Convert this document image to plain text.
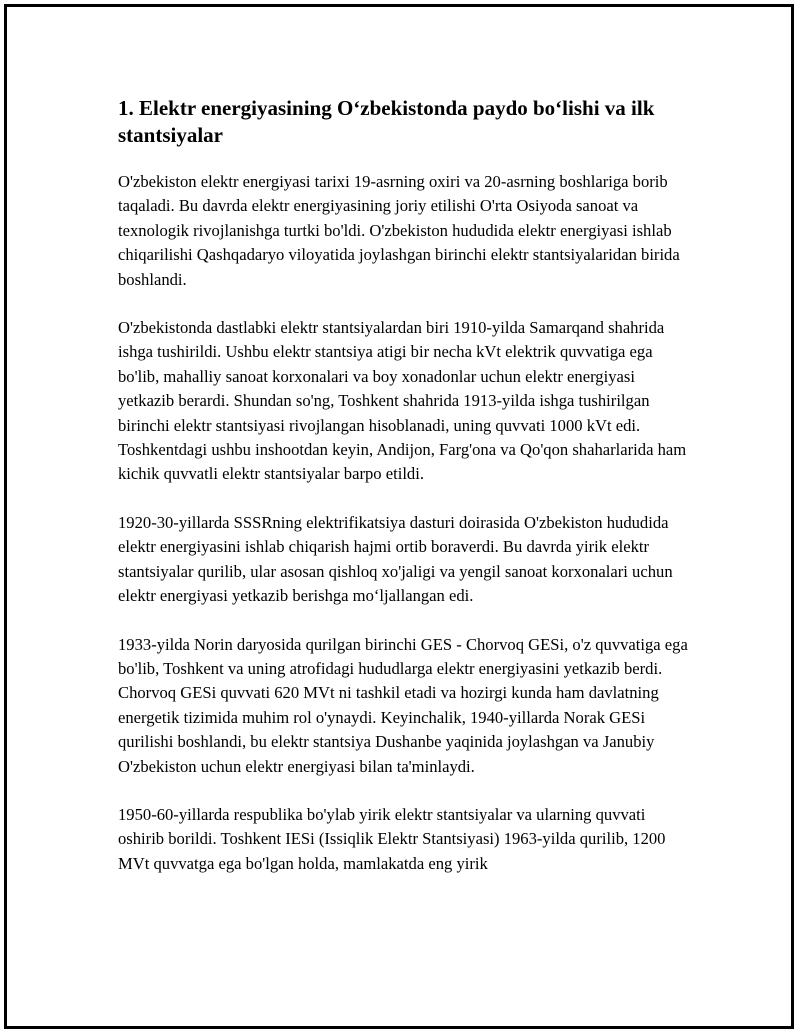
1. Elektr energiyasining O‘zbekistonda paydo bo‘lishi va ilk stantsiyalar

O'zbekiston elektr energiyasi tarixi 19-asrning oxiri va 20-asrning boshlariga borib taqaladi. Bu davrda elektr energiyasining joriy etilishi O'rta Osiyoda sanoat va texnologik rivojlanishga turtki bo'ldi. O'zbekiston hududida elektr energiyasi ishlab chiqarilishi Qashqadaryo viloyatida joylashgan birinchi elektr stantsiyalaridan birida boshlandi.

O'zbekistonda dastlabki elektr stantsiyalardan biri 1910-yilda Samarqand shahrida ishga tushirildi. Ushbu elektr stantsiya atigi bir necha kVt elektrik quvvatiga ega bo'lib, mahalliy sanoat korxonalari va boy xonadonlar uchun elektr energiyasi yetkazib berardi. Shundan so'ng, Toshkent shahrida 1913-yilda ishga tushirilgan birinchi elektr stantsiyasi rivojlangan hisoblanadi, uning quvvati 1000 kVt edi. Toshkentdagi ushbu inshootdan keyin, Andijon, Farg'ona va Qo'qon shaharlarida ham kichik quvvatli elektr stantsiyalar barpo etildi.

1920-30-yillarda SSSRning elektrifikatsiya dasturi doirasida O'zbekiston hududida elektr energiyasini ishlab chiqarish hajmi ortib boraverdi. Bu davrda yirik elektr stantsiyalar qurilib, ular asosan qishloq xo'jaligi va yengil sanoat korxonalari uchun elektr energiyasi yetkazib berishga mo‘ljallangan edi.

1933-yilda Norin daryosida qurilgan birinchi GES - Chorvoq GESi, o'z quvvatiga ega bo'lib, Toshkent va uning atrofidagi hududlarga elektr energiyasini yetkazib berdi. Chorvoq GESi quvvati 620 MVt ni tashkil etadi va hozirgi kunda ham davlatning energetik tizimida muhim rol o'ynaydi. Keyinchalik, 1940-yillarda Norak GESi qurilishi boshlandi, bu elektr stantsiya Dushanbe yaqinida joylashgan va Janubiy O'zbekiston uchun elektr energiyasi bilan ta'minlaydi.

1950-60-yillarda respublika bo'ylab yirik elektr stantsiyalar va ularning quvvati oshirib borildi. Toshkent IESi (Issiqlik Elektr Stantsiyasi) 1963-yilda qurilib, 1200 MVt quvvatga ega bo'lgan holda, mamlakatda eng yirik
